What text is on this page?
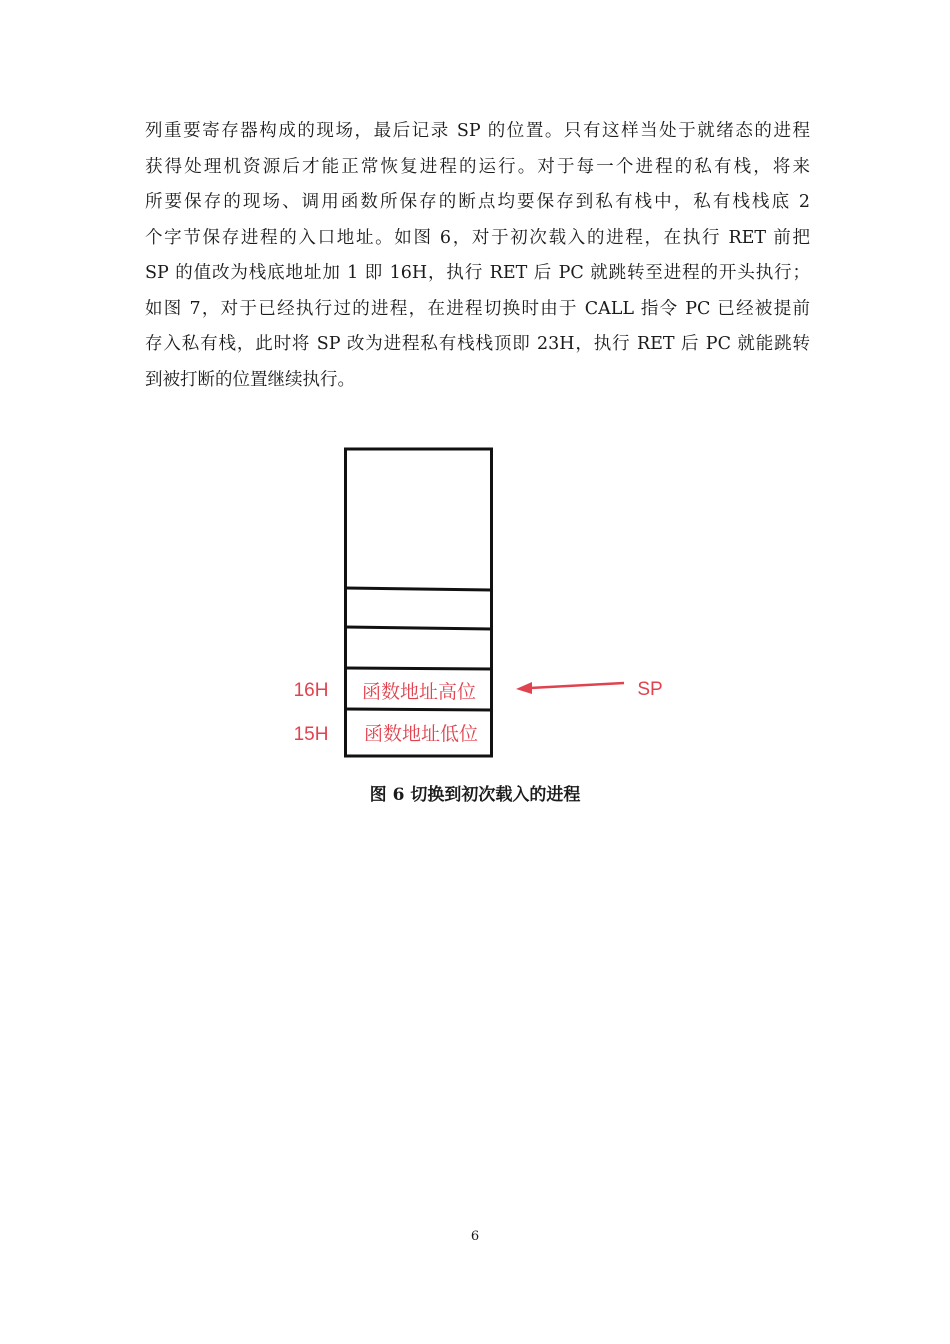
列重要寄存器构成的现场，最后记录 SP 的位置。只有这样当处于就绪态的进程
获得处理机资源后才能正常恢复进程的运行。对于每一个进程的私有栈，将来
所要保存的现场、调用函数所保存的断点均要保存到私有栈中，私有栈栈底 2
个字节保存进程的入口地址。如图 6，对于初次载入的进程，在执行 RET 前把
SP 的值改为栈底地址加 1 即 16H，执行 RET 后 PC 就跳转至进程的开头执行；
如图 7，对于已经执行过的进程，在进程切换时由于 CALL 指令 PC 已经被提前
存入私有栈，此时将 SP 改为进程私有栈栈顶即 23H，执行 RET 后 PC 就能跳转
到被打断的位置继续执行。
函数地址高位
函数地址低位
16H
15H
SP
图 6 切换到初次载入的进程
6
